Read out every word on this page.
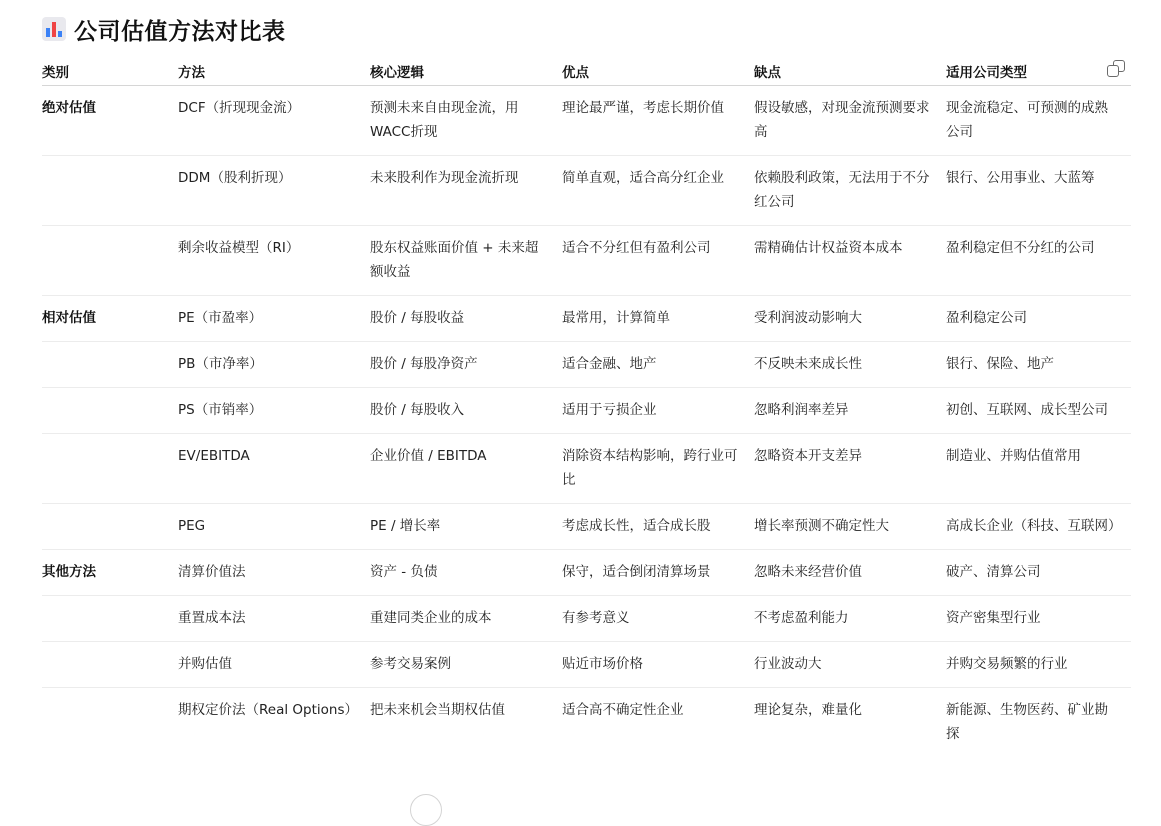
公司估值方法对比表
类别	方法	核心逻辑	优点	缺点	适用公司类型

绝对估值	DCF（折现现金流）	预测未来自由现金流，用WACC折现	理论最严谨，考虑长期价值	假设敏感，对现金流预测要求高	现金流稳定、可预测的成熟公司
	DDM（股利折现）	未来股利作为现金流折现	简单直观，适合高分红企业	依赖股利政策，无法用于不分红公司	银行、公用事业、大蓝筹
	剩余收益模型（RI）	股东权益账面价值 + 未来超额收益	适合不分红但有盈利公司	需精确估计权益资本成本	盈利稳定但不分红的公司
相对估值	PE（市盈率）	股价 / 每股收益	最常用，计算简单	受利润波动影响大	盈利稳定公司
	PB（市净率）	股价 / 每股净资产	适合金融、地产	不反映未来成长性	银行、保险、地产
	PS（市销率）	股价 / 每股收入	适用于亏损企业	忽略利润率差异	初创、互联网、成长型公司
	EV/EBITDA	企业价值 / EBITDA	消除资本结构影响，跨行业可比	忽略资本开支差异	制造业、并购估值常用
	PEG	PE / 增长率	考虑成长性，适合成长股	增长率预测不确定性大	高成长企业（科技、互联网）
其他方法	清算价值法	资产 - 负债	保守，适合倒闭清算场景	忽略未来经营价值	破产、清算公司
	重置成本法	重建同类企业的成本	有参考意义	不考虑盈利能力	资产密集型行业
	并购估值	参考交易案例	贴近市场价格	行业波动大	并购交易频繁的行业
	期权定价法（Real Options）	把未来机会当期权估值	适合高不确定性企业	理论复杂，难量化	新能源、生物医药、矿业勘探
